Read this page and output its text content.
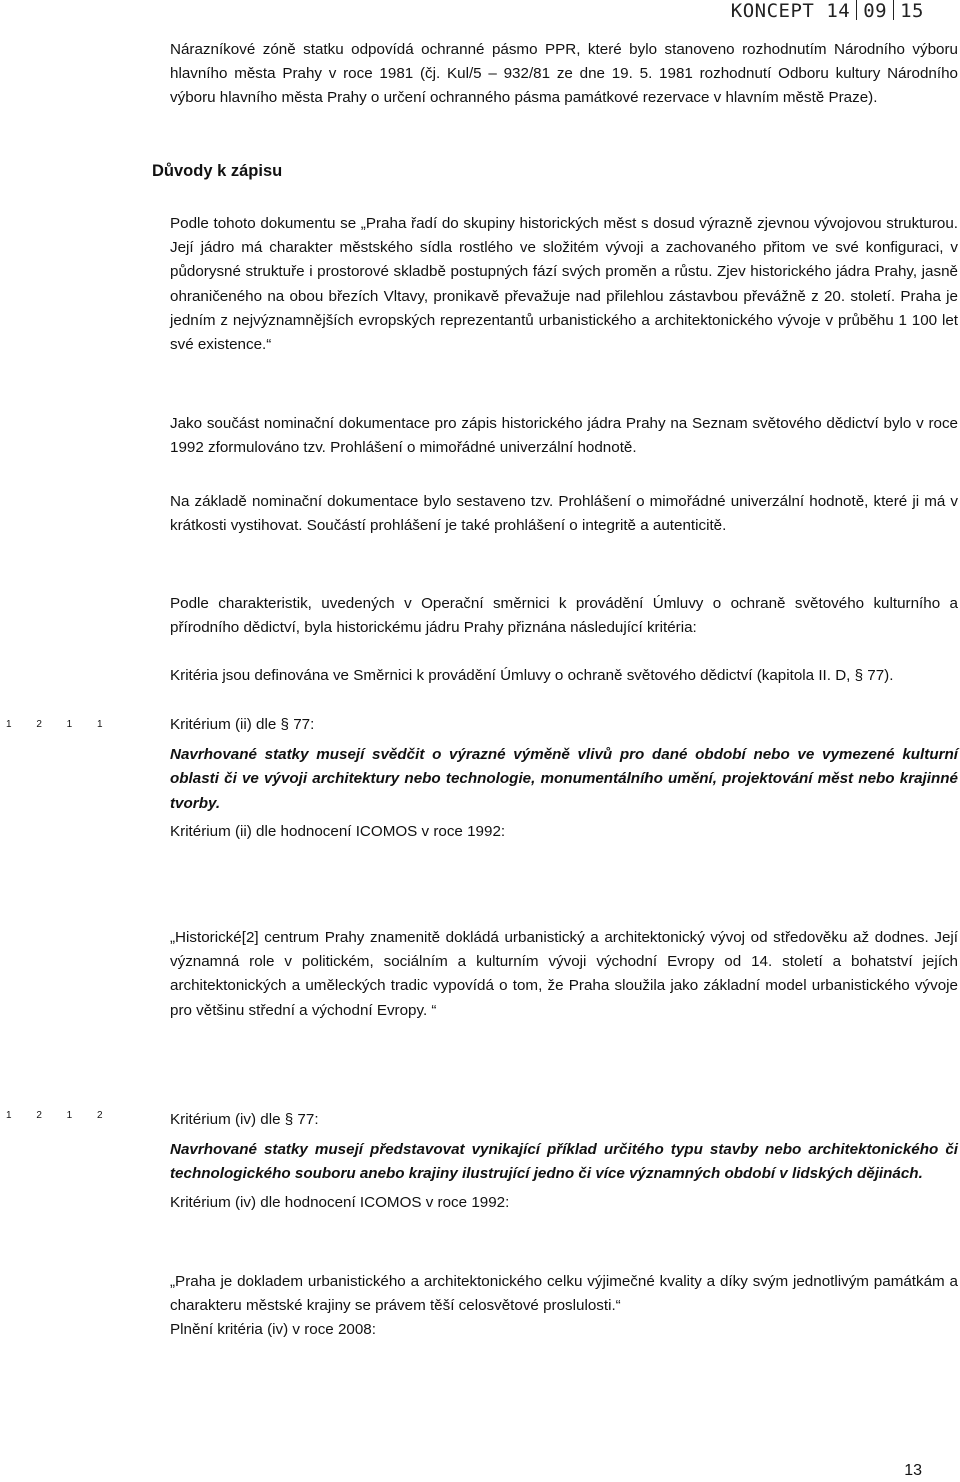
KONCEPT 14 09 15

Nárazníkové zóně statku odpovídá ochranné pásmo PPR, které bylo stanoveno rozhodnutím Národního výboru hlavního města Prahy v roce 1981 (čj. Kul/5 – 932/81 ze dne 19. 5. 1981 rozhodnutí Odboru kultury Národního výboru hlavního města Prahy o určení ochranného pásma památkové rezervace v hlavním městě Praze).

Důvody k zápisu

Podle tohoto dokumentu se „Praha řadí do skupiny historických měst s dosud výrazně zjevnou vývojovou strukturou. Její jádro má charakter městského sídla rostlého ve složitém vývoji a zachovaného přitom ve své konfiguraci, v půdorysné struktuře i prostorové skladbě postupných fází svých proměn a růstu. Zjev historického jádra Prahy, jasně ohraničeného na obou březích Vltavy, pronikavě převažuje nad přilehlou zástavbou převážně z 20. století. Praha je jedním z nejvýznamnějších evropských reprezentantů urbanistického a architektonického vývoje v průběhu 1 100 let své existence.“

Jako součást nominační dokumentace pro zápis historického jádra Prahy na Seznam světového dědictví bylo v roce 1992 zformulováno tzv. Prohlášení o mimořádné univerzální hodnotě.

Na základě nominační dokumentace bylo sestaveno tzv. Prohlášení o mimořádné univerzální hodnotě, které ji má v krátkosti vystihovat. Součástí prohlášení je také prohlášení o integritě a autenticitě.

Podle charakteristik, uvedených v Operační směrnici k provádění Úmluvy o ochraně světového kulturního a přírodního dědictví, byla historickému jádru Prahy přiznána následující kritéria:

Kritéria jsou definována ve Směrnici k provádění Úmluvy o ochraně světového dědictví (kapitola II. D, § 77).

1 2 1 1	Kritérium (ii) dle § 77:

Navrhované statky musejí svědčit o výrazné výměně vlivů pro dané období nebo ve vymezené kulturní oblasti či ve vývoji architektury nebo technologie, monumentálního umění, projektování měst nebo krajinné tvorby.

Kritérium (ii) dle hodnocení ICOMOS v roce 1992:

„Historické[2] centrum Prahy znamenitě dokládá urbanistický a architektonický vývoj od středověku až dodnes. Její významná role v politickém, sociálním a kulturním vývoji východní Evropy od 14. století a bohatství jejích architektonických a uměleckých tradic vypovídá o tom, že Praha sloužila jako základní model urbanistického vývoje pro většinu střední a východní Evropy. “

1 2 1 2	Kritérium (iv) dle § 77:

Navrhované statky musejí představovat vynikající příklad určitého typu stavby nebo architektonického či technologického souboru anebo krajiny ilustrující jedno či více významných období v lidských dějinách.

Kritérium (iv) dle hodnocení ICOMOS v roce 1992:

„Praha je dokladem urbanistického a architektonického celku výjimečné kvality a díky svým jednotlivým památkám a charakteru městské krajiny se právem těší celosvětové proslulosti.“

Plnění kritéria (iv) v roce 2008:

13
